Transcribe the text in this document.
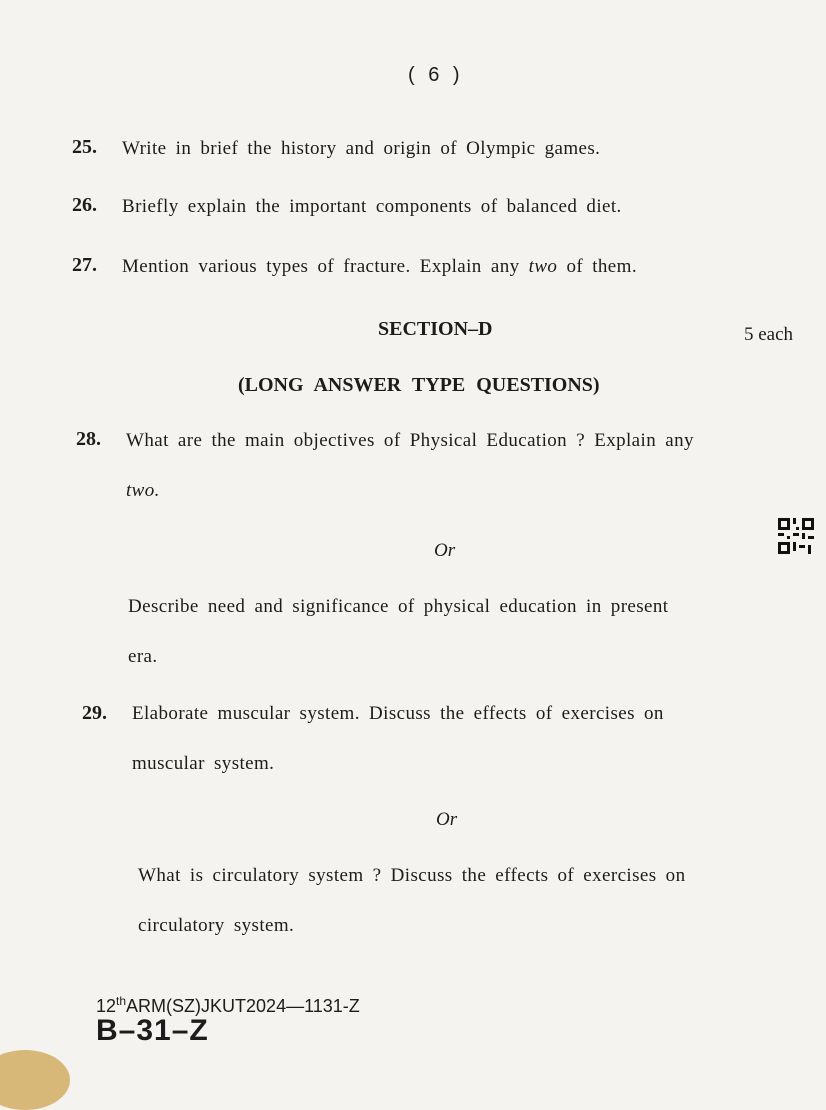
( 6 )
25. Write in brief the history and origin of Olympic games.
26. Briefly explain the important components of balanced diet.
27. Mention various types of fracture. Explain any two of them.
SECTION–D	5 each
(LONG ANSWER TYPE QUESTIONS)
28. What are the main objectives of Physical Education ? Explain any
two.
Or
Describe need and significance of physical education in present
era.
29. Elaborate muscular system. Discuss the effects of exercises on
muscular system.
Or
What is circulatory system ? Discuss the effects of exercises on
circulatory system.
12thARM(SZ)JKUT2024—1131-Z
B–31–Z
